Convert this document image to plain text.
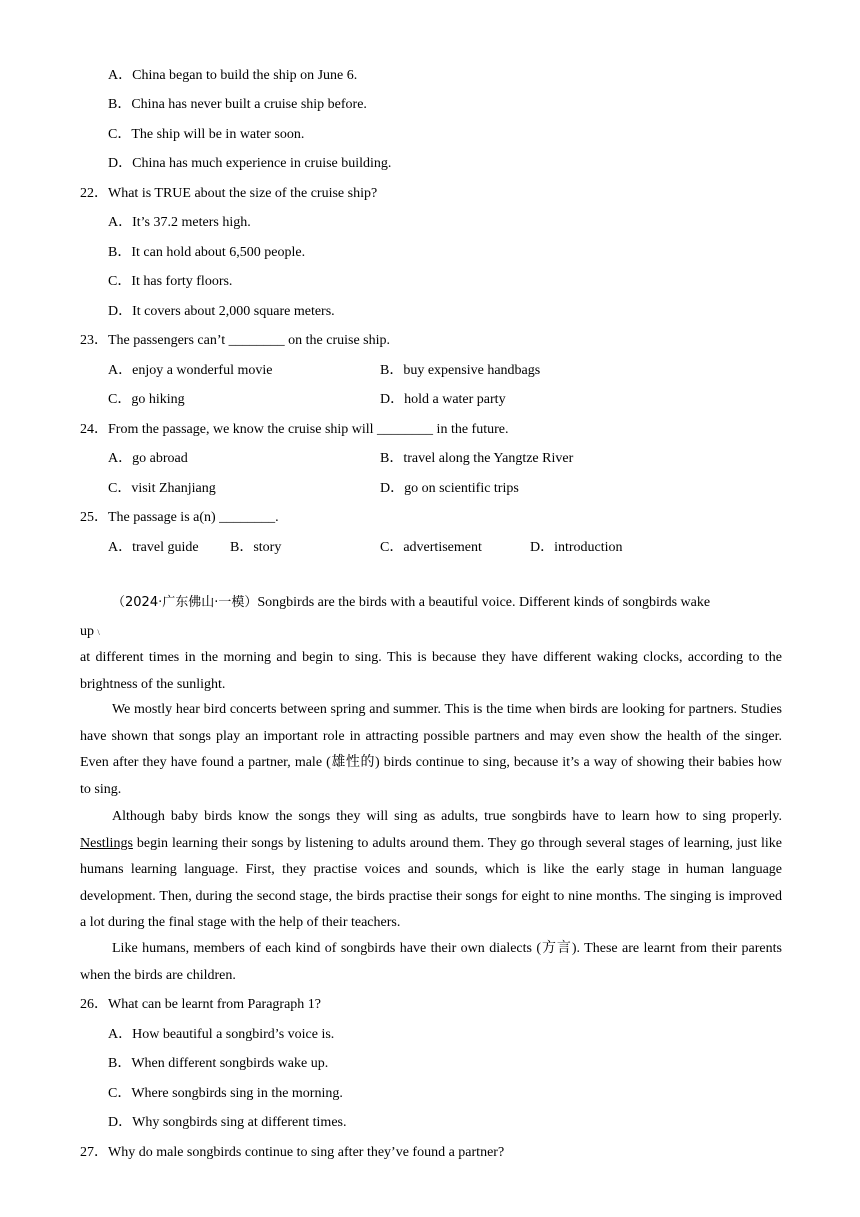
A．China began to build the ship on June 6.
B．China has never built a cruise ship before.
C．The ship will be in water soon.
D．China has much experience in cruise building.
22．What is TRUE about the size of the cruise ship?
A．It’s 37.2 meters high.
B．It can hold about 6,500 people.
C．It has forty floors.
D．It covers about 2,000 square meters.
23．The passengers can’t ________ on the cruise ship.
A．enjoy a wonderful movie	B．buy expensive handbags
C．go hiking	D．hold a water party
24．From the passage, we know the cruise ship will ________ in the future.
A．go abroad	B．travel along the Yangtze River
C．visit Zhanjiang	D．go on scientific trips
25．The passage is a(n) ________.
A．travel guide B．story	C．advertisement	D．introduction
（2024·广东佛山·一模）Songbirds are the birds with a beautiful voice. Different kinds of songbirds wake
up \
at different times in the morning and begin to sing. This is because they have different waking clocks, according to the brightness of the sunlight.
We mostly hear bird concerts between spring and summer. This is the time when birds are looking for partners. Studies have shown that songs play an important role in attracting possible partners and may even show the health of the singer. Even after they have found a partner, male (雄性的) birds continue to sing, because it’s a way of showing their babies how to sing.
Although baby birds know the songs they will sing as adults, true songbirds have to learn how to sing properly. Nestlings begin learning their songs by listening to adults around them. They go through several stages of learning, just like humans learning language. First, they practise voices and sounds, which is like the early stage in human language development. Then, during the second stage, the birds practise their songs for eight to nine months. The singing is improved a lot during the final stage with the help of their teachers.
Like humans, members of each kind of songbirds have their own dialects (方言). These are learnt from their parents when the birds are children.
26．What can be learnt from Paragraph 1?
A．How beautiful a songbird’s voice is.
B．When different songbirds wake up.
C．Where songbirds sing in the morning.
D．Why songbirds sing at different times.
27．Why do male songbirds continue to sing after they’ve found a partner?
